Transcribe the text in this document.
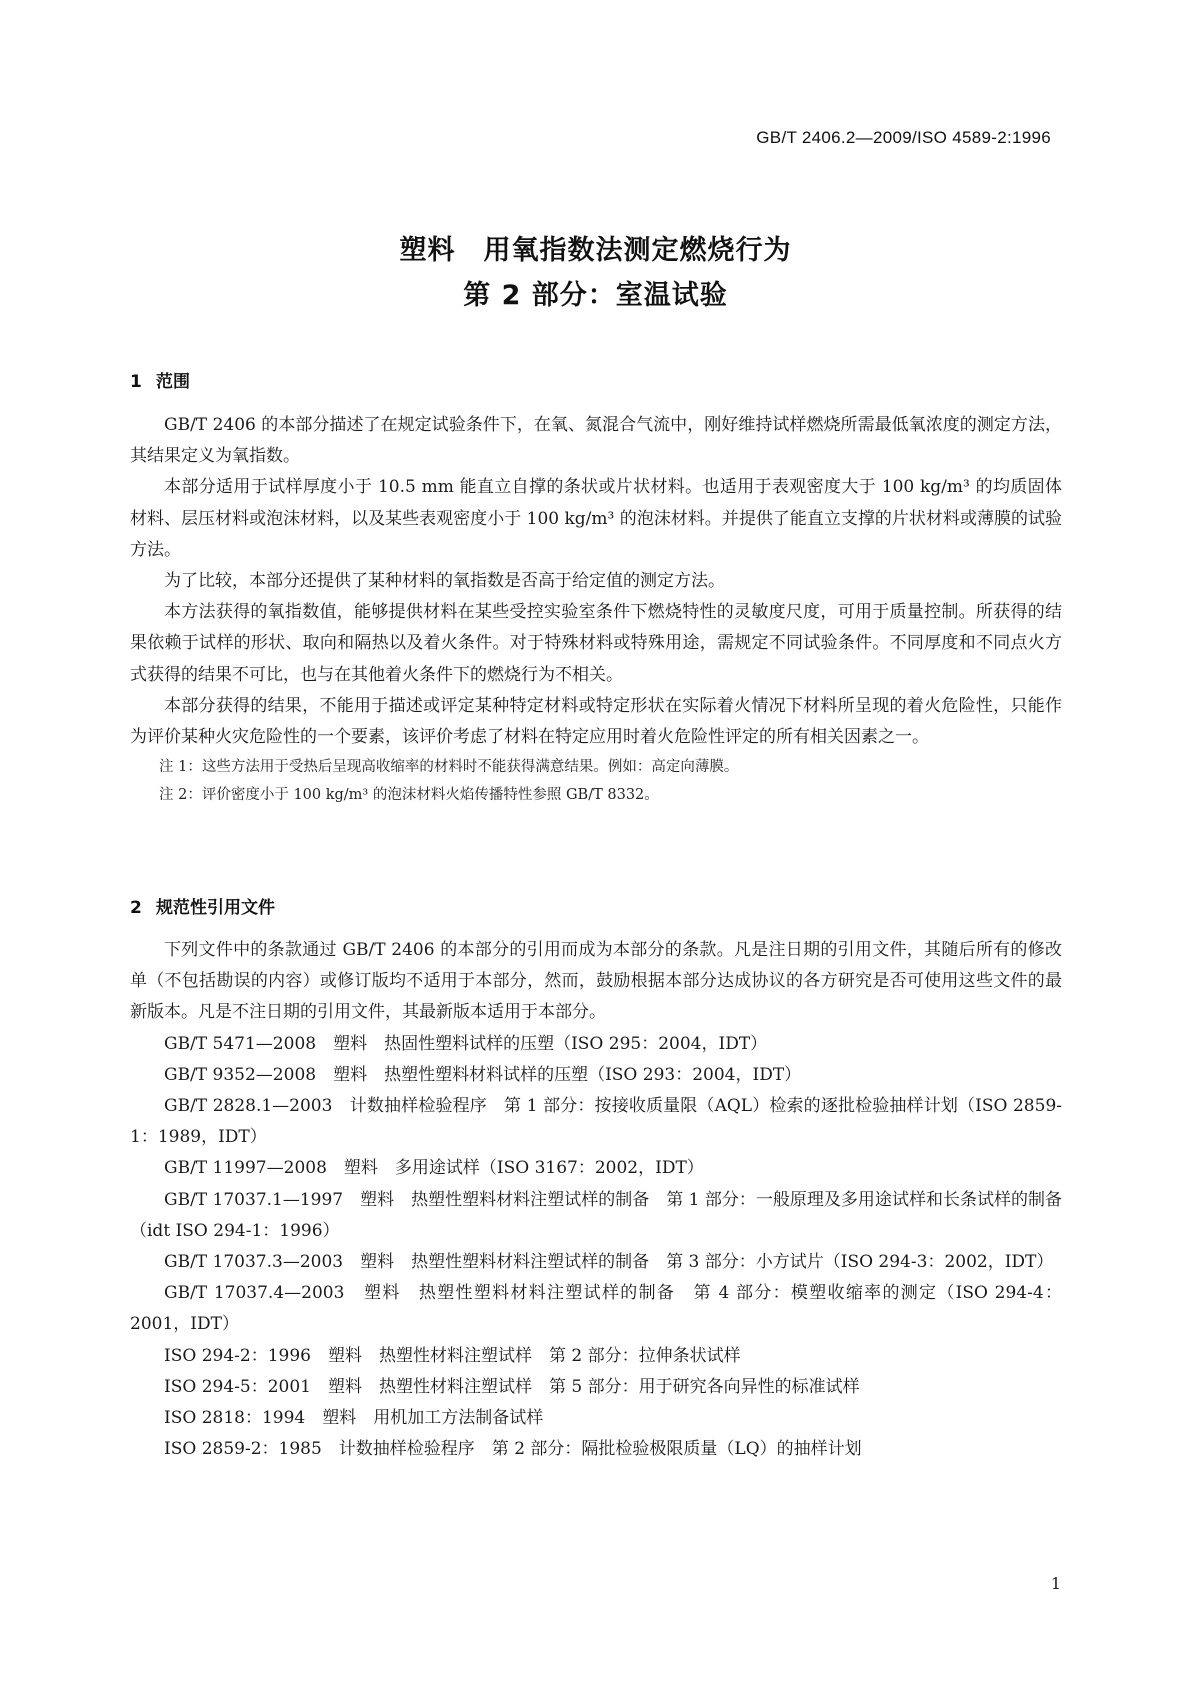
GB/T 2406.2—2009/ISO 4589-2:1996
塑料　用氧指数法测定燃烧行为
第 2 部分：室温试验
1 范围

GB/T 2406 的本部分描述了在规定试验条件下，在氧、氮混合气流中，刚好维持试样燃烧所需最低氧浓度的测定方法，其结果定义为氧指数。

本部分适用于试样厚度小于 10.5 mm 能直立自撑的条状或片状材料。也适用于表观密度大于 100 kg/m³ 的均质固体材料、层压材料或泡沫材料，以及某些表观密度小于 100 kg/m³ 的泡沫材料。并提供了能直立支撑的片状材料或薄膜的试验方法。

为了比较，本部分还提供了某种材料的氧指数是否高于给定值的测定方法。

本方法获得的氧指数值，能够提供材料在某些受控实验室条件下燃烧特性的灵敏度尺度，可用于质量控制。所获得的结果依赖于试样的形状、取向和隔热以及着火条件。对于特殊材料或特殊用途，需规定不同试验条件。不同厚度和不同点火方式获得的结果不可比，也与在其他着火条件下的燃烧行为不相关。

本部分获得的结果，不能用于描述或评定某种特定材料或特定形状在实际着火情况下材料所呈现的着火危险性，只能作为评价某种火灾危险性的一个要素，该评价考虑了材料在特定应用时着火危险性评定的所有相关因素之一。

注 1：这些方法用于受热后呈现高收缩率的材料时不能获得满意结果。例如：高定向薄膜。

注 2：评价密度小于 100 kg/m³ 的泡沫材料火焰传播特性参照 GB/T 8332。

2 规范性引用文件

下列文件中的条款通过 GB/T 2406 的本部分的引用而成为本部分的条款。凡是注日期的引用文件，其随后所有的修改单（不包括勘误的内容）或修订版均不适用于本部分，然而，鼓励根据本部分达成协议的各方研究是否可使用这些文件的最新版本。凡是不注日期的引用文件，其最新版本适用于本部分。

GB/T 5471—2008　塑料　热固性塑料试样的压塑（ISO 295：2004，IDT）

GB/T 9352—2008　塑料　热塑性塑料材料试样的压塑（ISO 293：2004，IDT）

GB/T 2828.1—2003　计数抽样检验程序　第 1 部分：按接收质量限（AQL）检索的逐批检验抽样计划（ISO 2859-1：1989，IDT）

GB/T 11997—2008　塑料　多用途试样（ISO 3167：2002，IDT）

GB/T 17037.1—1997　塑料　热塑性塑料材料注塑试样的制备　第 1 部分：一般原理及多用途试样和长条试样的制备（idt ISO 294-1：1996）

GB/T 17037.3—2003　塑料　热塑性塑料材料注塑试样的制备　第 3 部分：小方试片（ISO 294-3：2002，IDT）

GB/T 17037.4—2003　塑料　热塑性塑料材料注塑试样的制备　第 4 部分：模塑收缩率的测定（ISO 294-4：2001，IDT）

ISO 294-2：1996　塑料　热塑性材料注塑试样　第 2 部分：拉伸条状试样

ISO 294-5：2001　塑料　热塑性材料注塑试样　第 5 部分：用于研究各向异性的标准试样

ISO 2818：1994　塑料　用机加工方法制备试样

ISO 2859-2：1985　计数抽样检验程序　第 2 部分：隔批检验极限质量（LQ）的抽样计划

1
